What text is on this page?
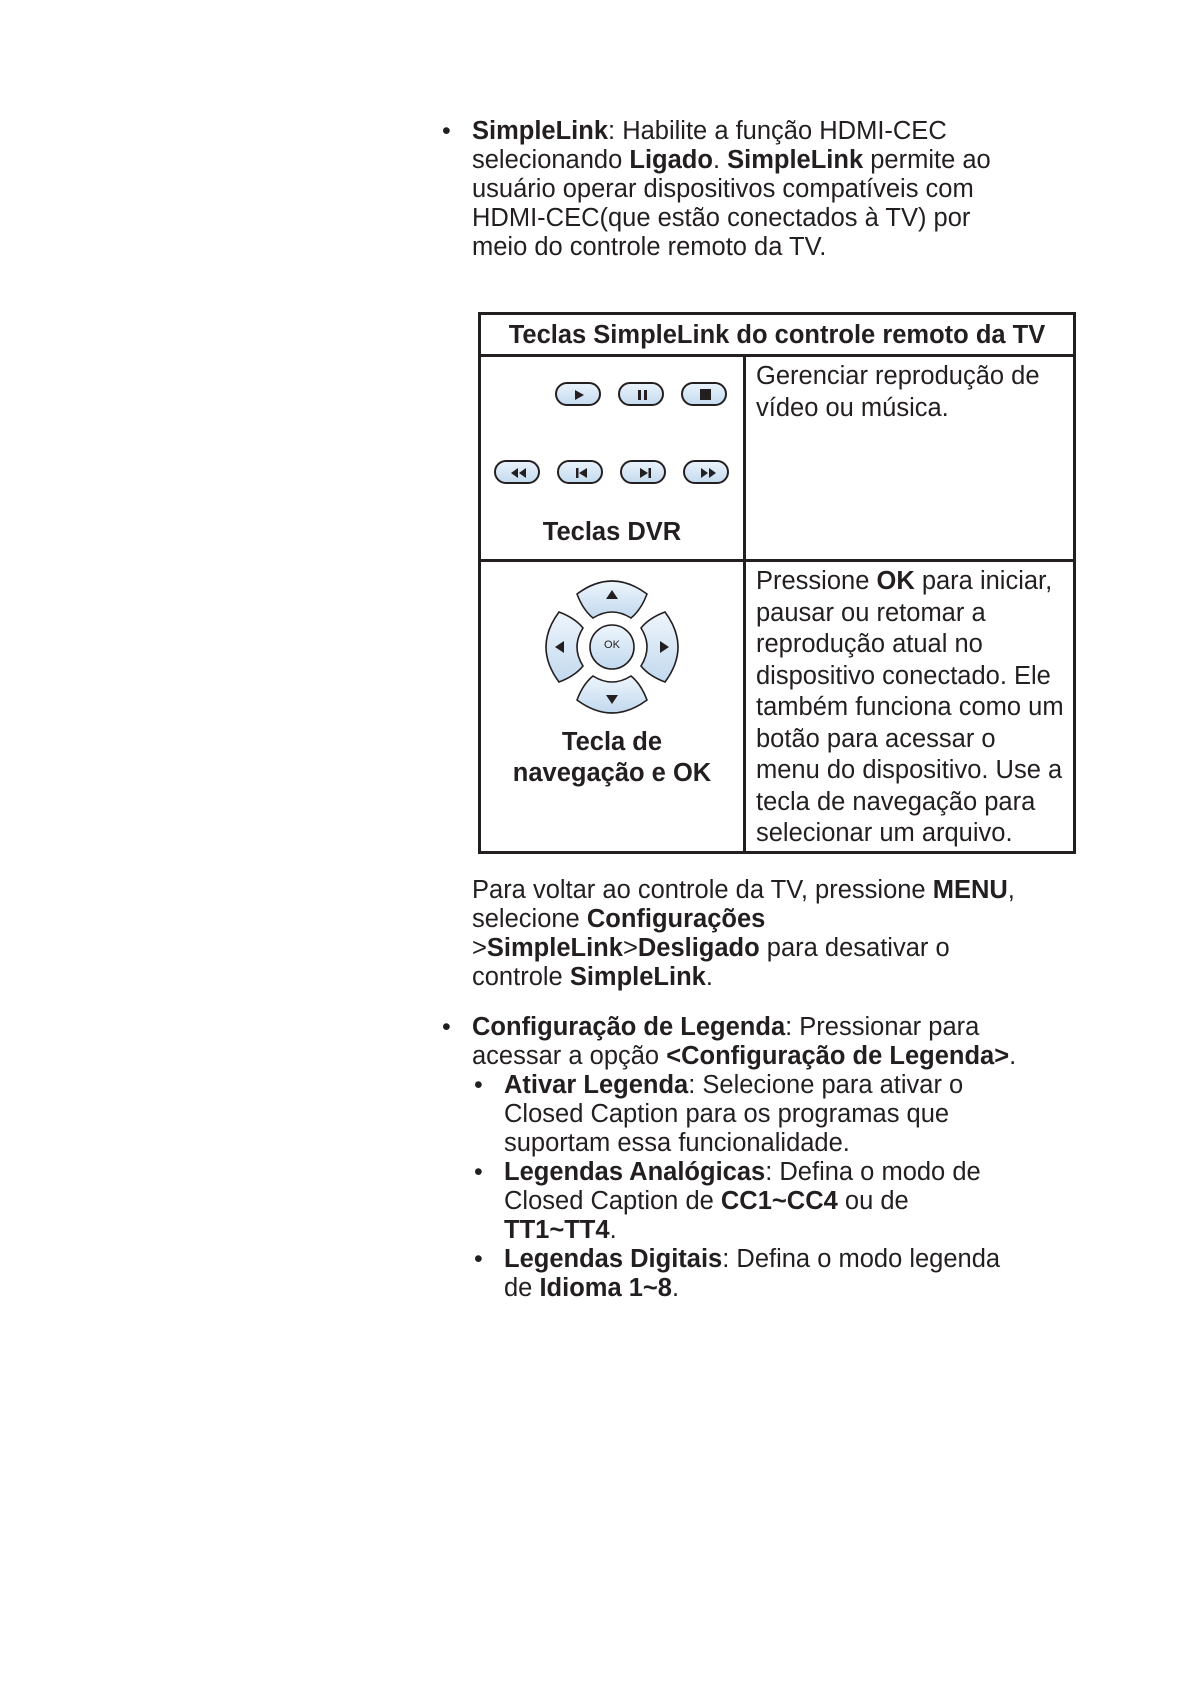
• SimpleLink: Habilite a função HDMI-CEC selecionando Ligado. SimpleLink permite ao usuário operar dispositivos compatíveis com HDMI-CEC(que estão conectados à TV) por meio do controle remoto da TV.

Teclas SimpleLink do controle remoto da TV
Teclas DVR
Gerenciar reprodução de vídeo ou música.
OK
Tecla de
navegação e OK
Pressione OK para iniciar, pausar ou retomar a reprodução atual no dispositivo conectado. Ele também funciona como um botão para acessar o menu do dispositivo. Use a tecla de navegação para selecionar um arquivo.

Para voltar ao controle da TV, pressione MENU, selecione Configurações >SimpleLink>Desligado para desativar o controle SimpleLink.

• Configuração de Legenda: Pressionar para acessar a opção <Configuração de Legenda>.

• Ativar Legenda: Selecione para ativar o Closed Caption para os programas que suportam essa funcionalidade.

• Legendas Analógicas: Defina o modo de Closed Caption de CC1~CC4 ou de TT1~TT4.

• Legendas Digitais: Defina o modo legenda de Idioma 1~8.
